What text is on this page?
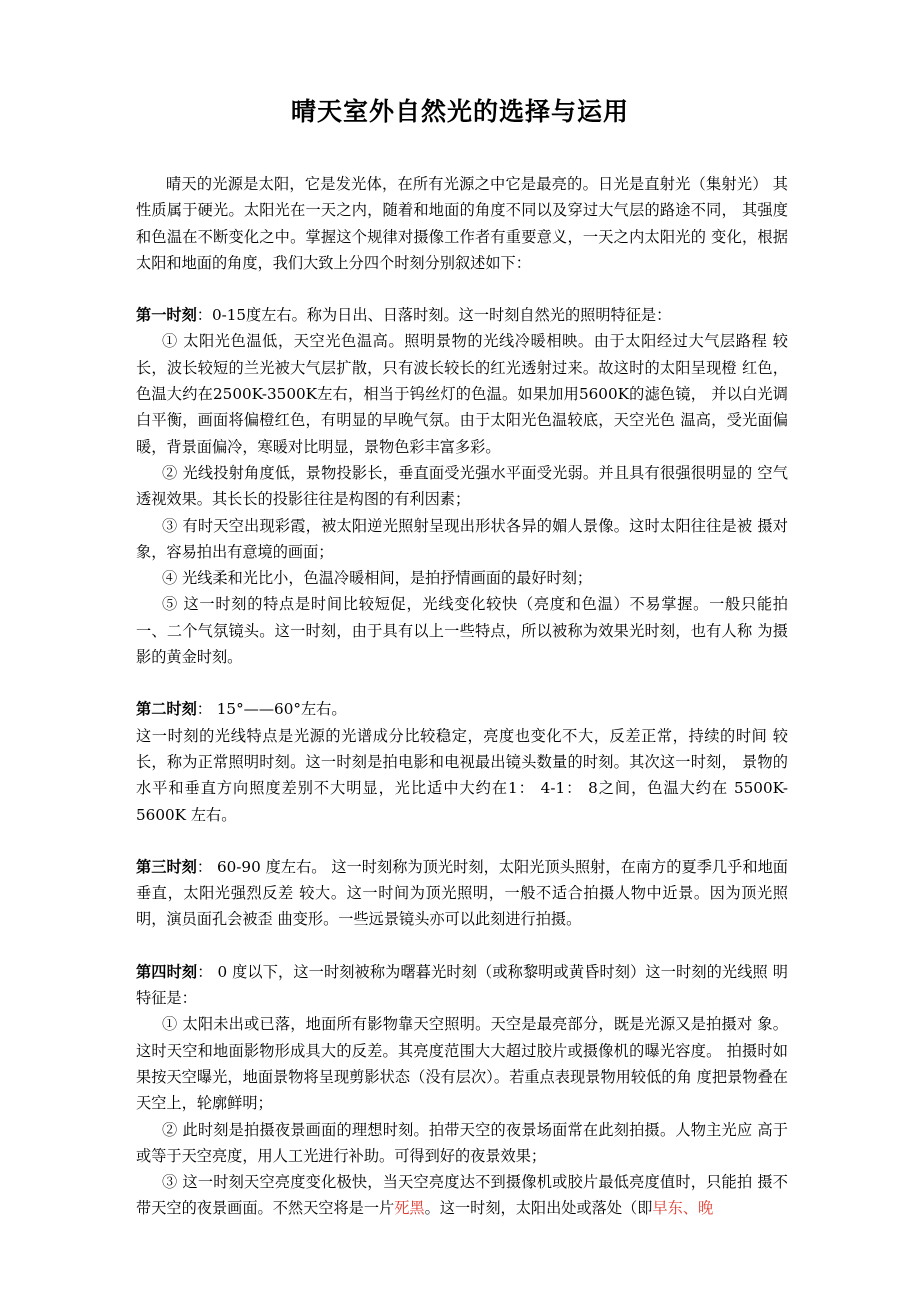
晴天室外自然光的选择与运用

晴天的光源是太阳，它是发光体，在所有光源之中它是最亮的。日光是直射光（集射光） 其性质属于硬光。太阳光在一天之内，随着和地面的角度不同以及穿过大气层的路途不同， 其强度和色温在不断变化之中。掌握这个规律对摄像工作者有重要意义，一天之内太阳光的 变化，根据太阳和地面的角度，我们大致上分四个时刻分别叙述如下：

第一时刻：0-15度左右。称为日出、日落时刻。这一时刻自然光的照明特征是：

① 太阳光色温低，天空光色温高。照明景物的光线冷暖相映。由于太阳经过大气层路程 较长，波长较短的兰光被大气层扩散，只有波长较长的红光透射过来。故这时的太阳呈现橙 红色，色温大约在2500K-3500K左右，相当于钨丝灯的色温。如果加用5600K的滤色镜， 并以白光调白平衡，画面将偏橙红色，有明显的早晚气氛。由于太阳光色温较底，天空光色 温高，受光面偏暖，背景面偏冷，寒暖对比明显，景物色彩丰富多彩。

② 光线投射角度低，景物投影长，垂直面受光强水平面受光弱。并且具有很强很明显的 空气透视效果。其长长的投影往往是构图的有利因素；

③ 有时天空出现彩霞，被太阳逆光照射呈现出形状各异的媚人景像。这时太阳往往是被 摄对象，容易拍出有意境的画面；

④ 光线柔和光比小，色温冷暖相间，是拍抒情画面的最好时刻；

⑤ 这一时刻的特点是时间比较短促，光线变化较快（亮度和色温）不易掌握。一般只能拍 一、二个气氛镜头。这一时刻，由于具有以上一些特点，所以被称为效果光时刻，也有人称 为摄影的黄金时刻。

第二时刻： 15°——60°左右。

这一时刻的光线特点是光源的光谱成分比较稳定，亮度也变化不大，反差正常，持续的时间 较长，称为正常照明时刻。这一时刻是拍电影和电视最出镜头数量的时刻。其次这一时刻， 景物的水平和垂直方向照度差别不大明显，光比适中大约在1： 4-1： 8之间，色温大约在 5500K-5600K 左右。

第三时刻： 60-90 度左右。 这一时刻称为顶光时刻，太阳光顶头照射，在南方的夏季几乎和地面垂直，太阳光强烈反差 较大。这一时间为顶光照明，一般不适合拍摄人物中近景。因为顶光照明，演员面孔会被歪 曲变形。一些远景镜头亦可以此刻进行拍摄。

第四时刻： 0 度以下，这一时刻被称为曙暮光时刻（或称黎明或黄昏时刻）这一时刻的光线照 明特征是：

① 太阳未出或已落，地面所有影物靠天空照明。天空是最亮部分，既是光源又是拍摄对 象。这时天空和地面影物形成具大的反差。其亮度范围大大超过胶片或摄像机的曝光容度。 拍摄时如果按天空曝光，地面景物将呈现剪影状态（没有层次）。若重点表现景物用较低的角 度把景物叠在天空上，轮廓鲜明；

② 此时刻是拍摄夜景画面的理想时刻。拍带天空的夜景场面常在此刻拍摄。人物主光应 高于或等于天空亮度，用人工光进行补助。可得到好的夜景效果；

③ 这一时刻天空亮度变化极快，当天空亮度达不到摄像机或胶片最低亮度值时，只能拍 摄不带天空的夜景画面。不然天空将是一片死黑。这一时刻，太阳出处或落处（即早东、晚
